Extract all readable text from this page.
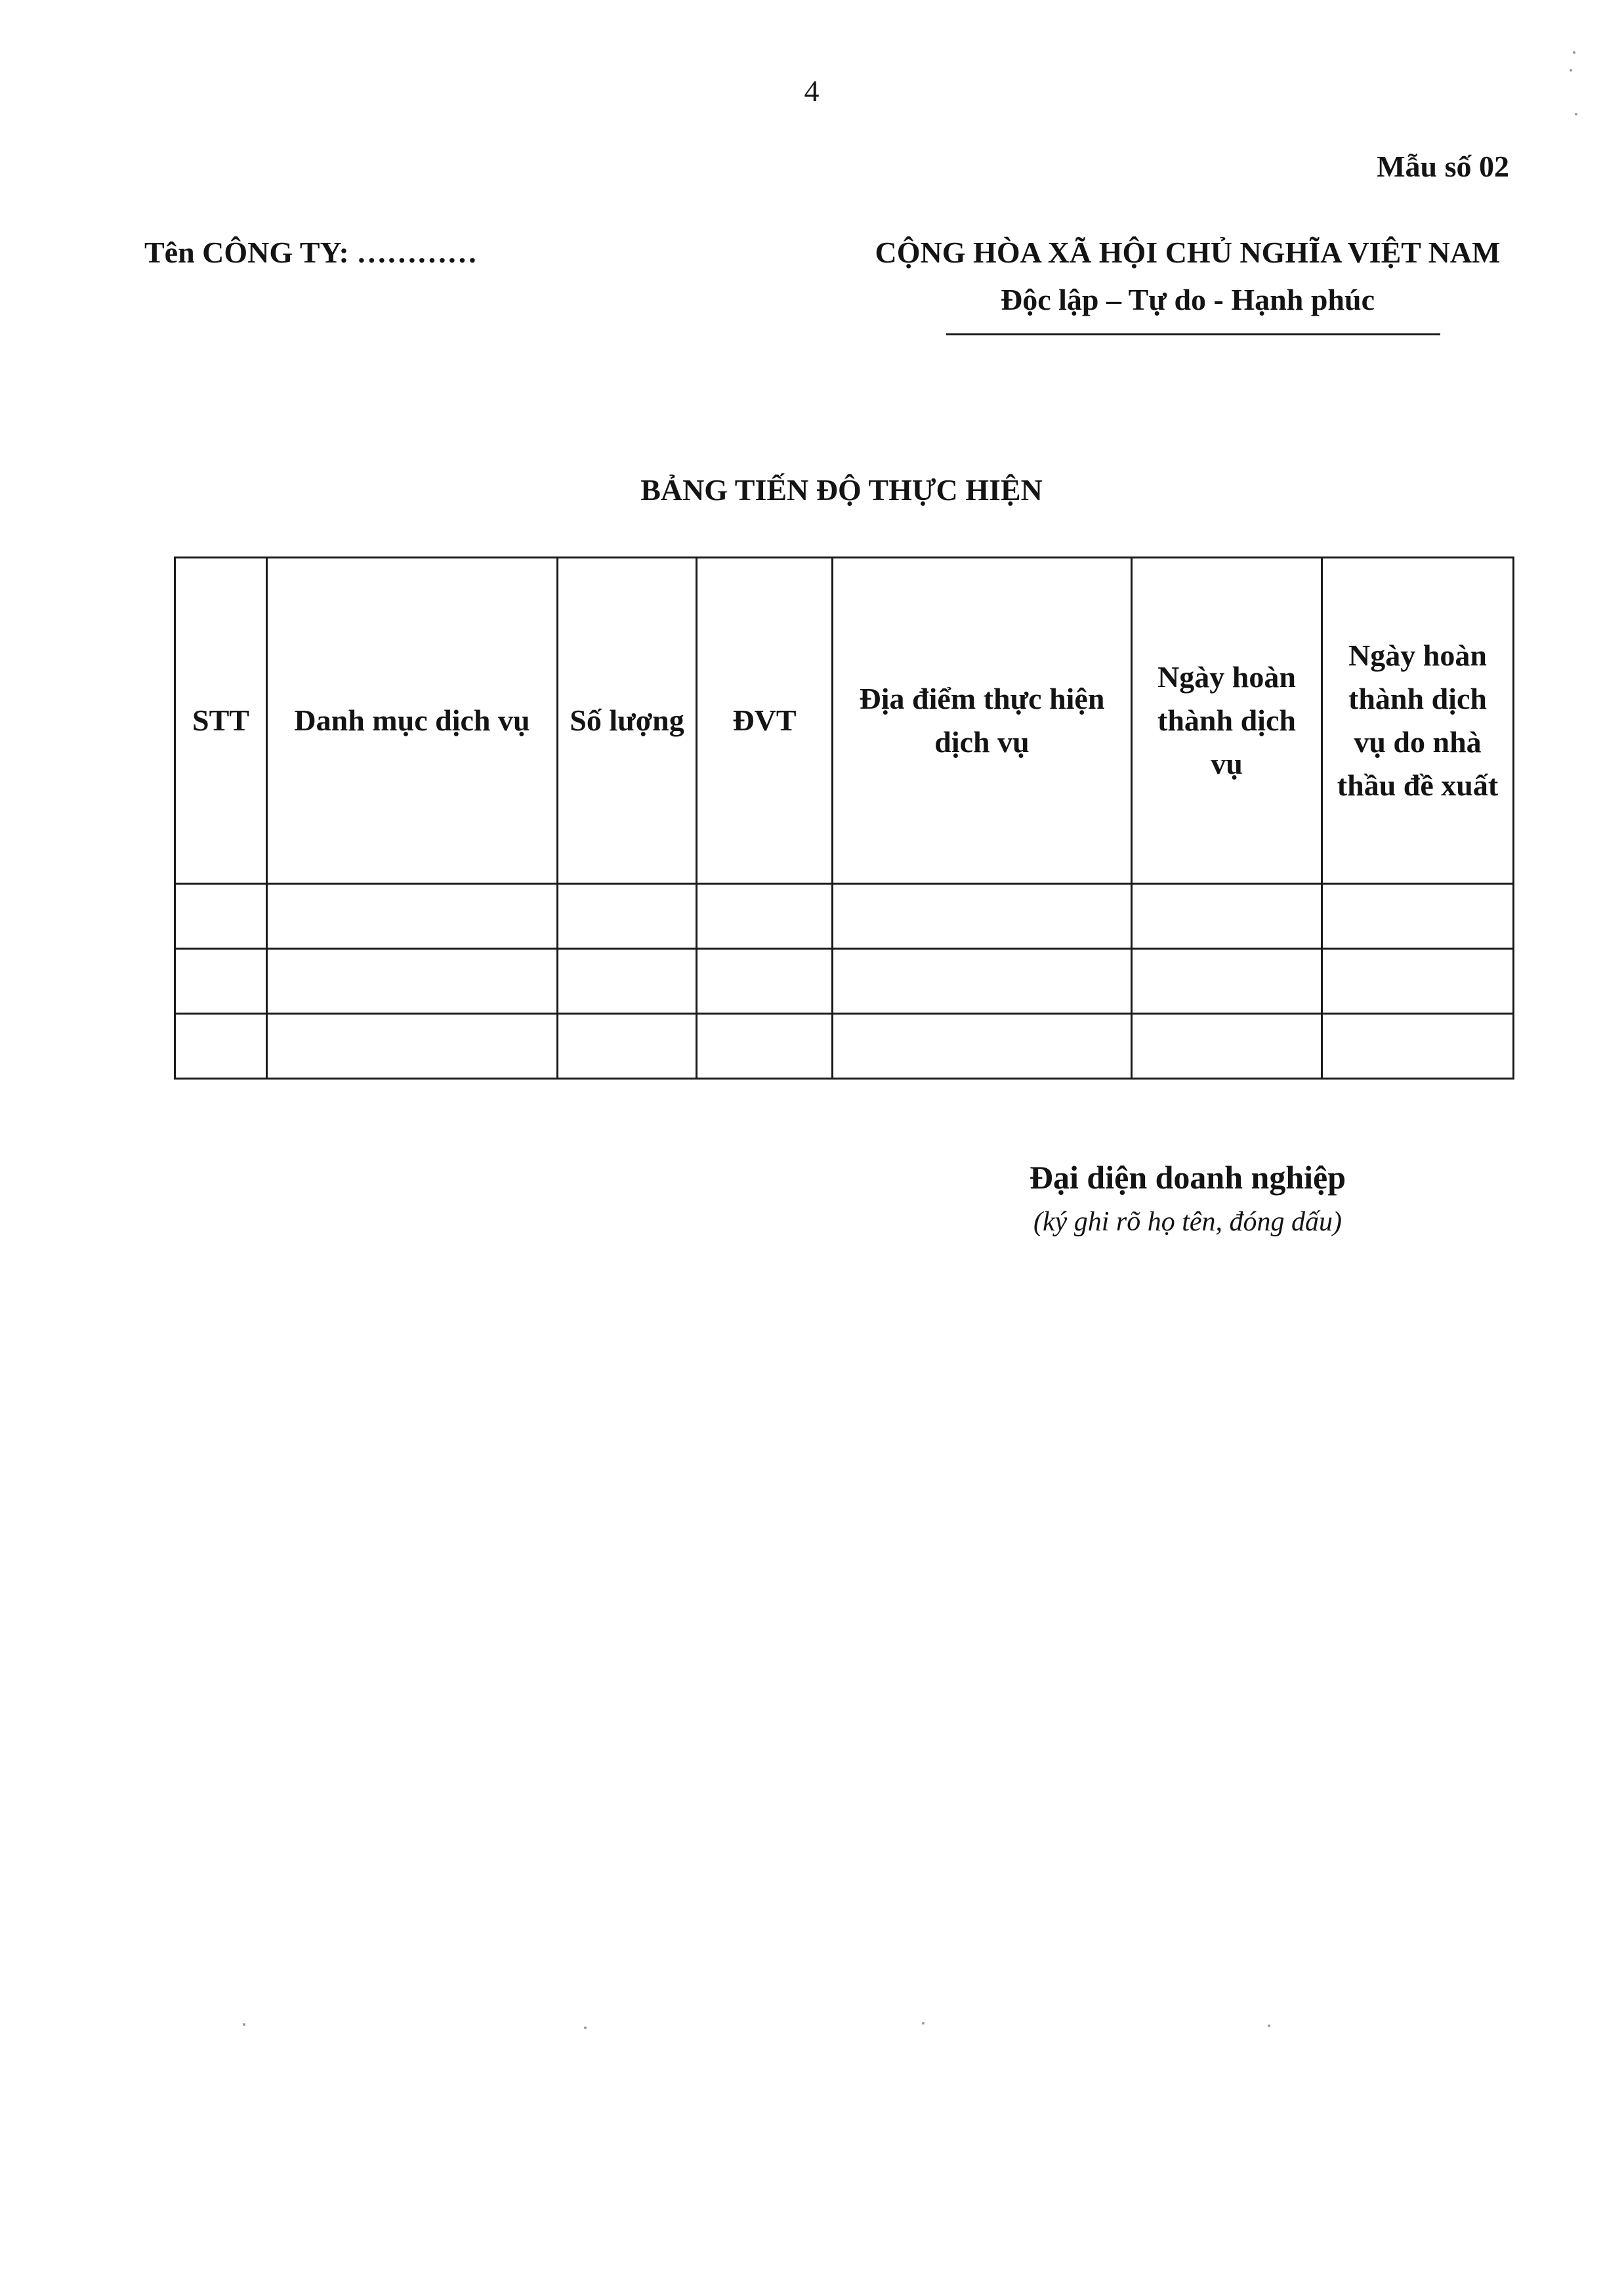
4
Mẫu số 02
Tên CÔNG TY: …………	CỘNG HÒA XÃ HỘI CHỦ NGHĨA VIỆT NAM
Độc lập – Tự do - Hạnh phúc
BẢNG TIẾN ĐỘ THỰC HIỆN
STT	Danh mục dịch vụ	Số lượng	ĐVT	Địa điểm thực hiện dịch vụ	Ngày hoàn thành dịch vụ	Ngày hoàn thành dịch vụ do nhà thầu đề xuất

Đại diện doanh nghiệp
(ký ghi rõ họ tên, đóng dấu)
